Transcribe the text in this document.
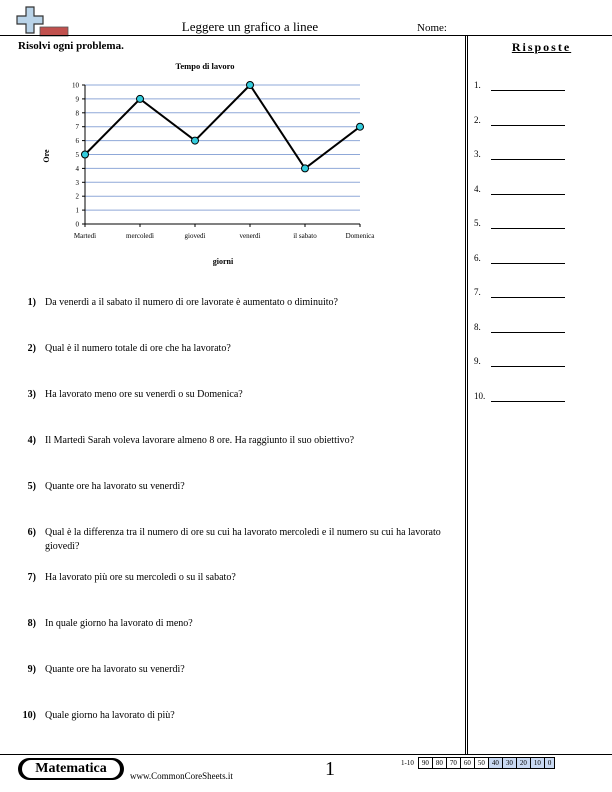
Leggere un grafico a linee	Nome:
Risolvi ogni problema.
Tempo di lavoro
Ore
giorni
0
1
2
3
4
5
6
7
8
9
10
Martedì	mercoledì	giovedì	venerdì	il sabato	Domenica
1) Da venerdì a il sabato il numero di ore lavorate è aumentato o diminuito?
2) Qual è il numero totale di ore che ha lavorato?
3) Ha lavorato meno ore su venerdì o su Domenica?
4) Il Martedì Sarah voleva lavorare almeno 8 ore. Ha raggiunto il suo obiettivo?
5) Quante ore ha lavorato su venerdì?
6) Qual è la differenza tra il numero di ore su cui ha lavorato mercoledì e il numero su cui ha lavorato giovedì?
7) Ha lavorato più ore su mercoledì o su il sabato?
8) In quale giorno ha lavorato di meno?
9) Quante ore ha lavorato su venerdì?
10) Quale giorno ha lavorato di più?
Risposte
1.
2.
3.
4.
5.
6.
7.
8.
9.
10.
Matematica	www.CommonCoreSheets.it	1	1-10	90	80	70	60	50	40	30	20	10	0
